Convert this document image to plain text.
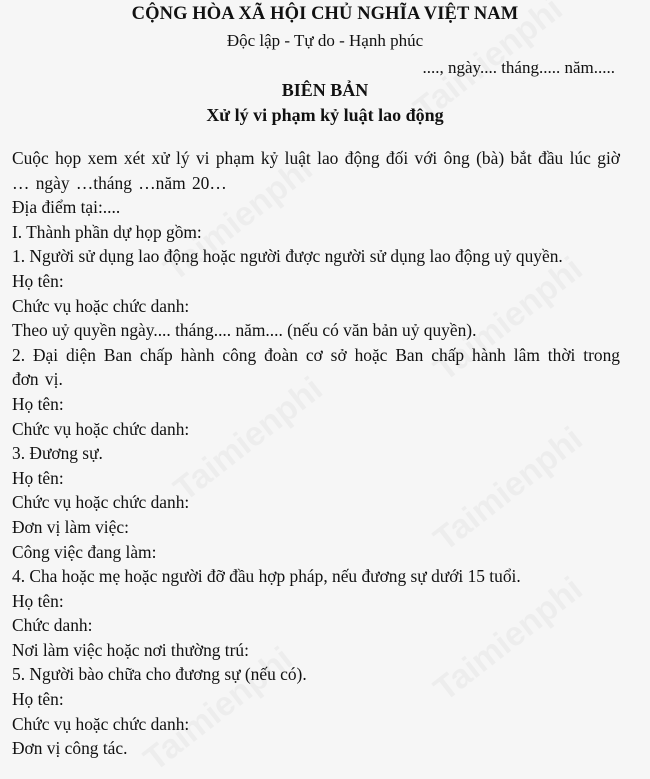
CỘNG HÒA XÃ HỘI CHỦ NGHĨA VIỆT NAM
Độc lập - Tự do - Hạnh phúc
...., ngày.... tháng..... năm.....
BIÊN BẢN
Xử lý vi phạm kỷ luật lao động

Cuộc họp xem xét xử lý vi phạm kỷ luật lao động đối với ông (bà) bắt đầu lúc giờ … ngày …tháng …năm 20…

Địa điểm tại:....

I. Thành phần dự họp gồm:

1. Người sử dụng lao động hoặc người được người sử dụng lao động uỷ quyền.

Họ tên:

Chức vụ hoặc chức danh:

Theo uỷ quyền ngày.... tháng.... năm.... (nếu có văn bản uỷ quyền).

2. Đại diện Ban chấp hành công đoàn cơ sở hoặc Ban chấp hành lâm thời trong đơn vị.

Họ tên:

Chức vụ hoặc chức danh:

3. Đương sự.

Họ tên:

Chức vụ hoặc chức danh:

Đơn vị làm việc:

Công việc đang làm:

4. Cha hoặc mẹ hoặc người đỡ đầu hợp pháp, nếu đương sự dưới 15 tuổi.

Họ tên:

Chức danh:

Nơi làm việc hoặc nơi thường trú:

5. Người bào chữa cho đương sự (nếu có).

Họ tên:

Chức vụ hoặc chức danh:

Đơn vị công tác.
